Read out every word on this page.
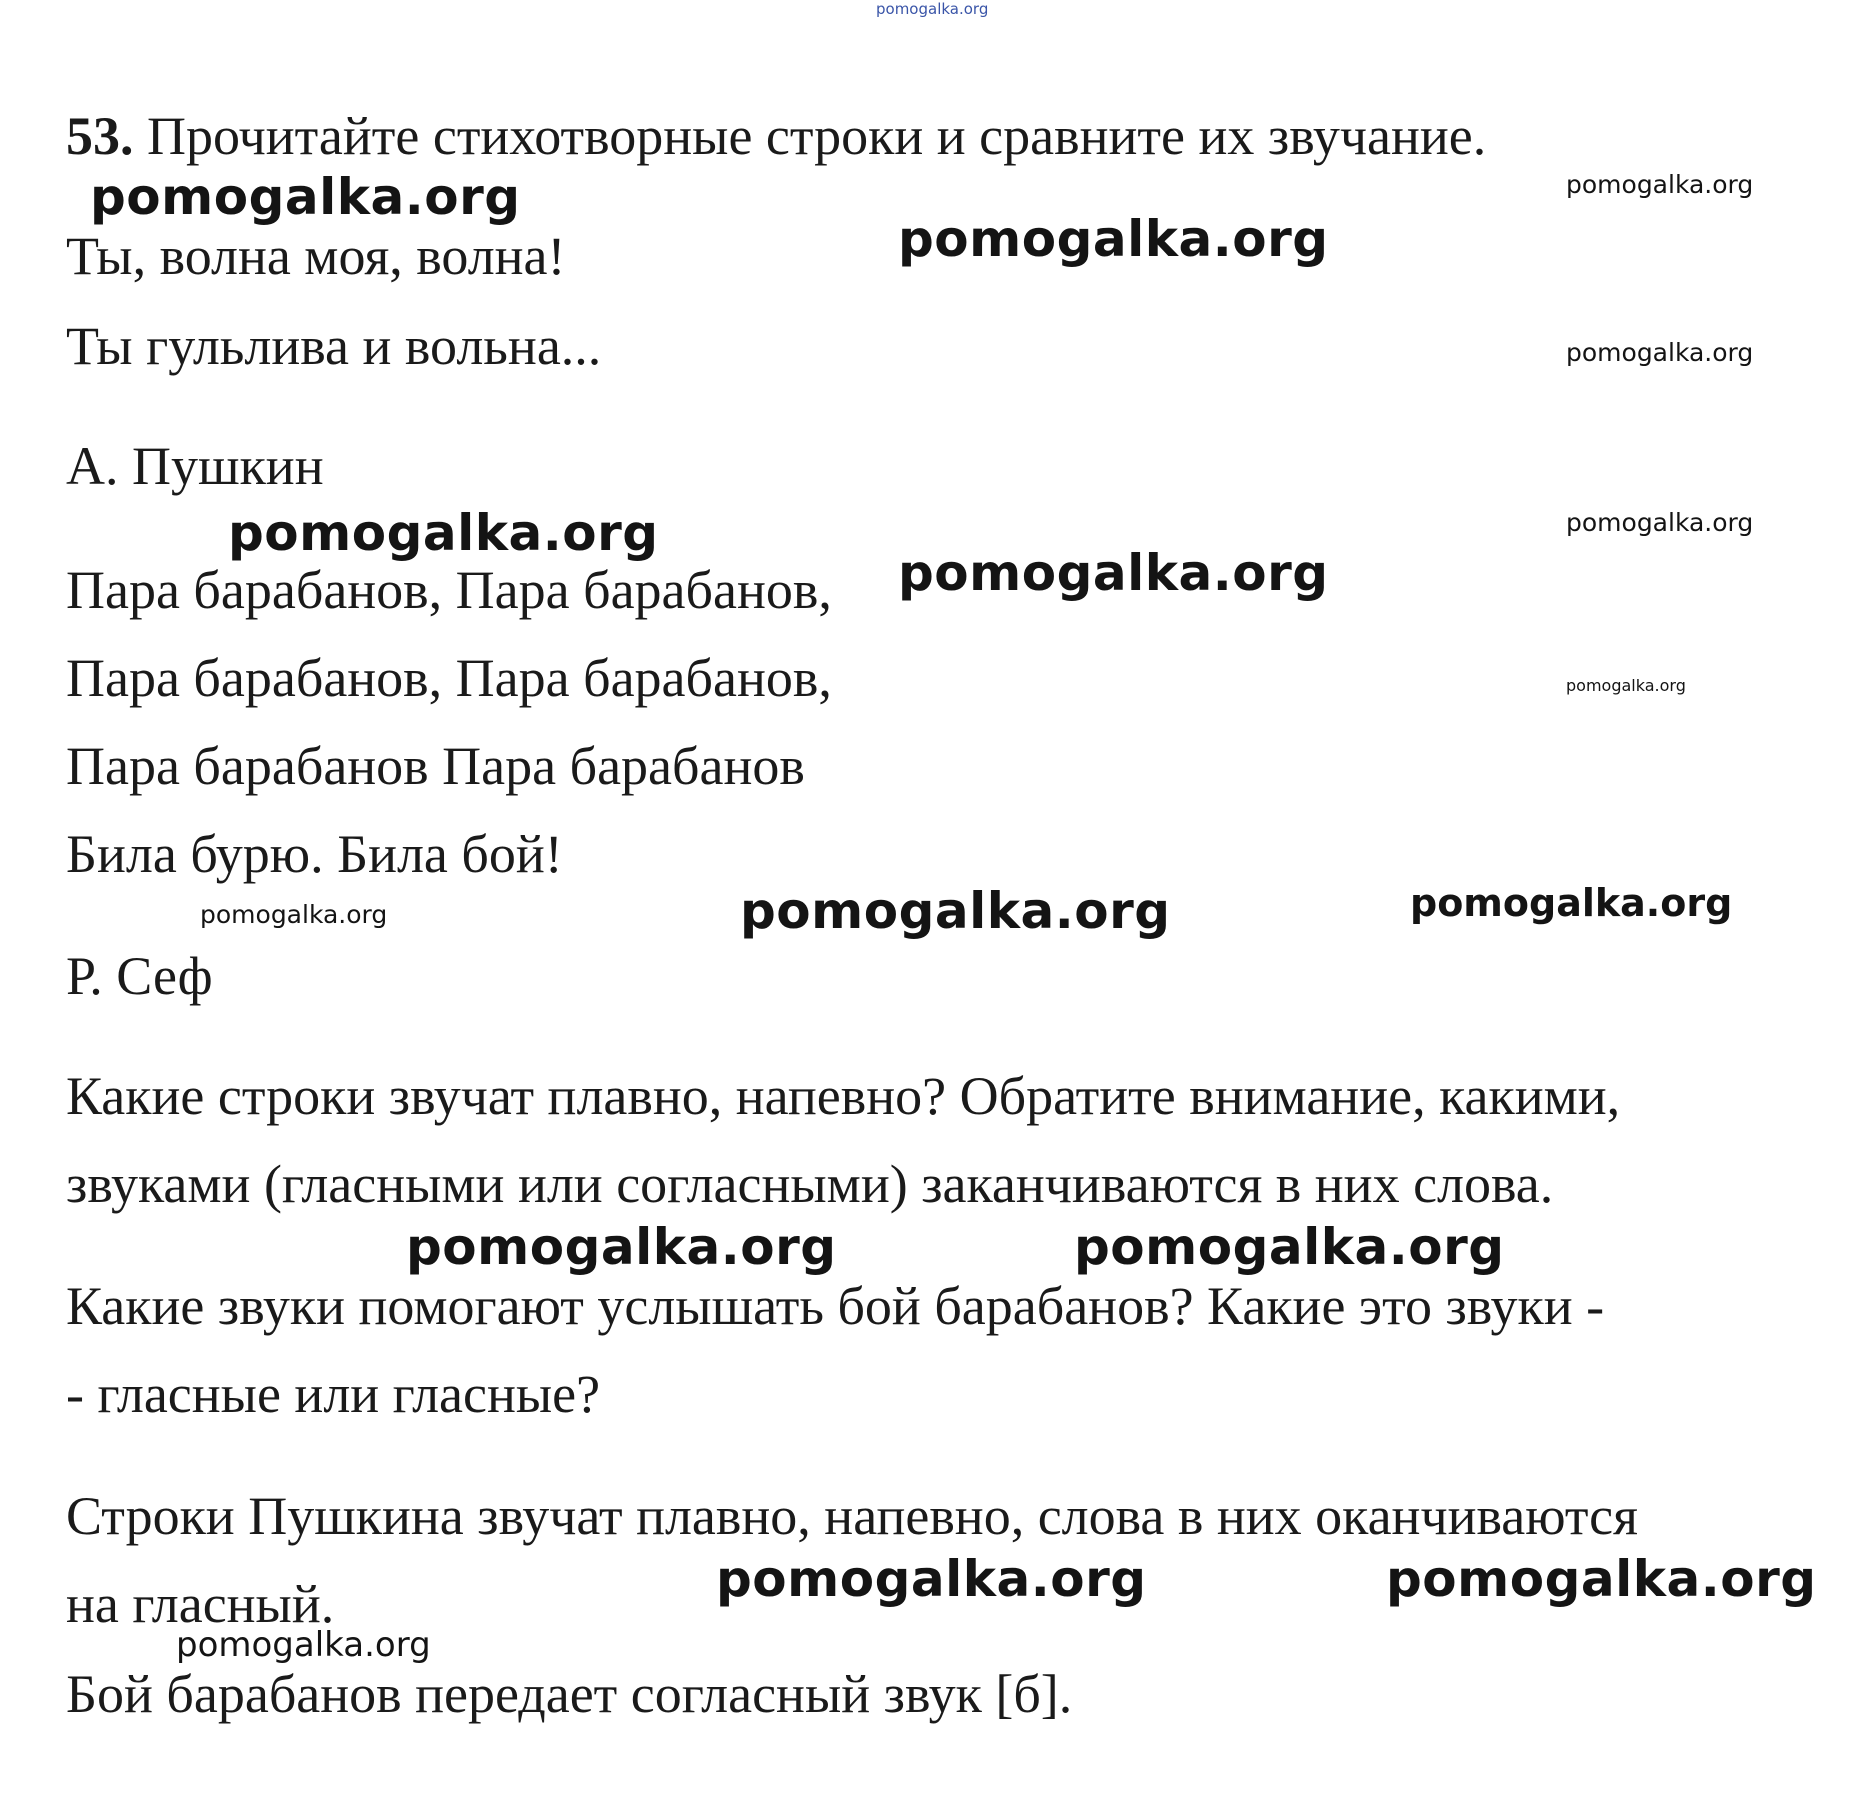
pomogalka.org

53. Прочитайте стихотворные строки и сравните их звучание.

Ты, волна моя, волна!

Ты гульлива и вольна...

А. Пушкин

Пара барабанов, Пара барабанов,

Пара барабанов, Пара барабанов,

Пара барабанов Пара барабанов

Била бурю. Била бой!

Р. Сеф

Какие строки звучат плавно, напевно? Обратите внимание, какими,

звуками (гласными или согласными) заканчиваются в них слова.

Какие звуки помогают услышать бой барабанов? Какие это звуки -

- гласные или гласные?

Строки Пушкина звучат плавно, напевно, слова в них оканчиваются

на гласный.

Бой барабанов передает согласный звук [б].

pomogalka.org	pomogalka.org
pomogalka.org
pomogalka.org
pomogalka.org	pomogalka.org
pomogalka.org
pomogalka.org
pomogalka.org	pomogalka.org	pomogalka.org
pomogalka.org	pomogalka.org
pomogalka.org	pomogalka.org
pomogalka.org
